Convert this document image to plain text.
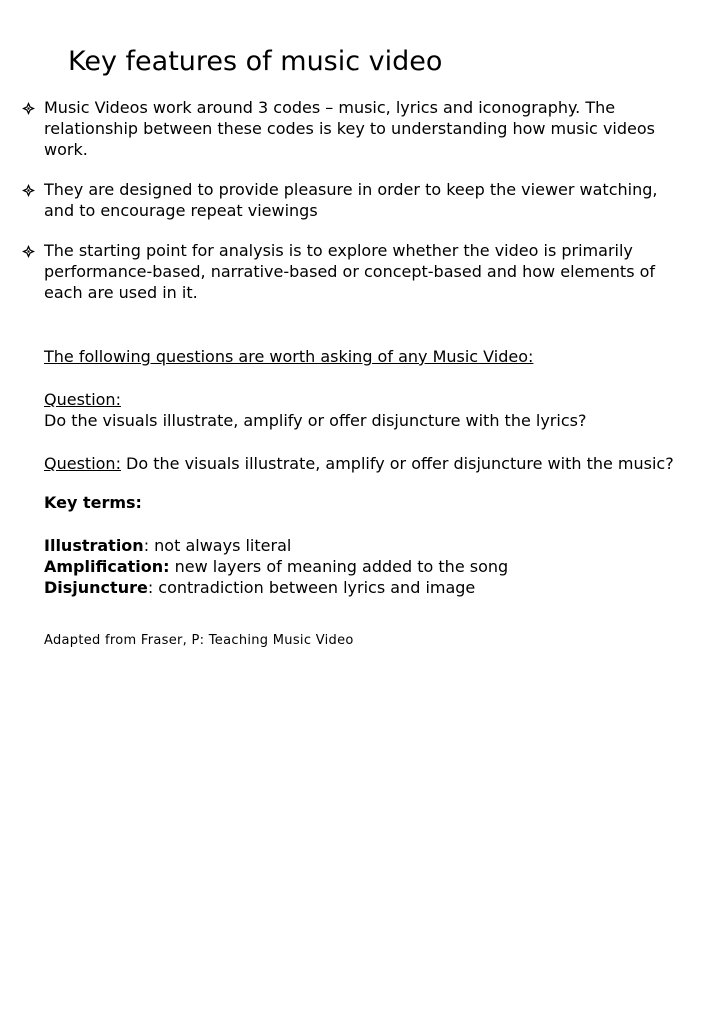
Key features of music video
Music Videos work around 3 codes – music, lyrics and iconography. The relationship between these codes is key to understanding how music videos work.
They are designed to provide pleasure in order to keep the viewer watching, and to encourage repeat viewings
The starting point for analysis is to explore whether the video is primarily performance-based, narrative-based or concept-based and how elements of each are used in it.

The following questions are worth asking of any Music Video:

Question:
Do the visuals illustrate, amplify or offer disjuncture with the lyrics?

Question: Do the visuals illustrate, amplify or offer disjuncture with the music?

Key terms:

Illustration: not always literal

Amplification: new layers of meaning added to the song

Disjuncture: contradiction between lyrics and image

Adapted from Fraser, P: Teaching Music Video
